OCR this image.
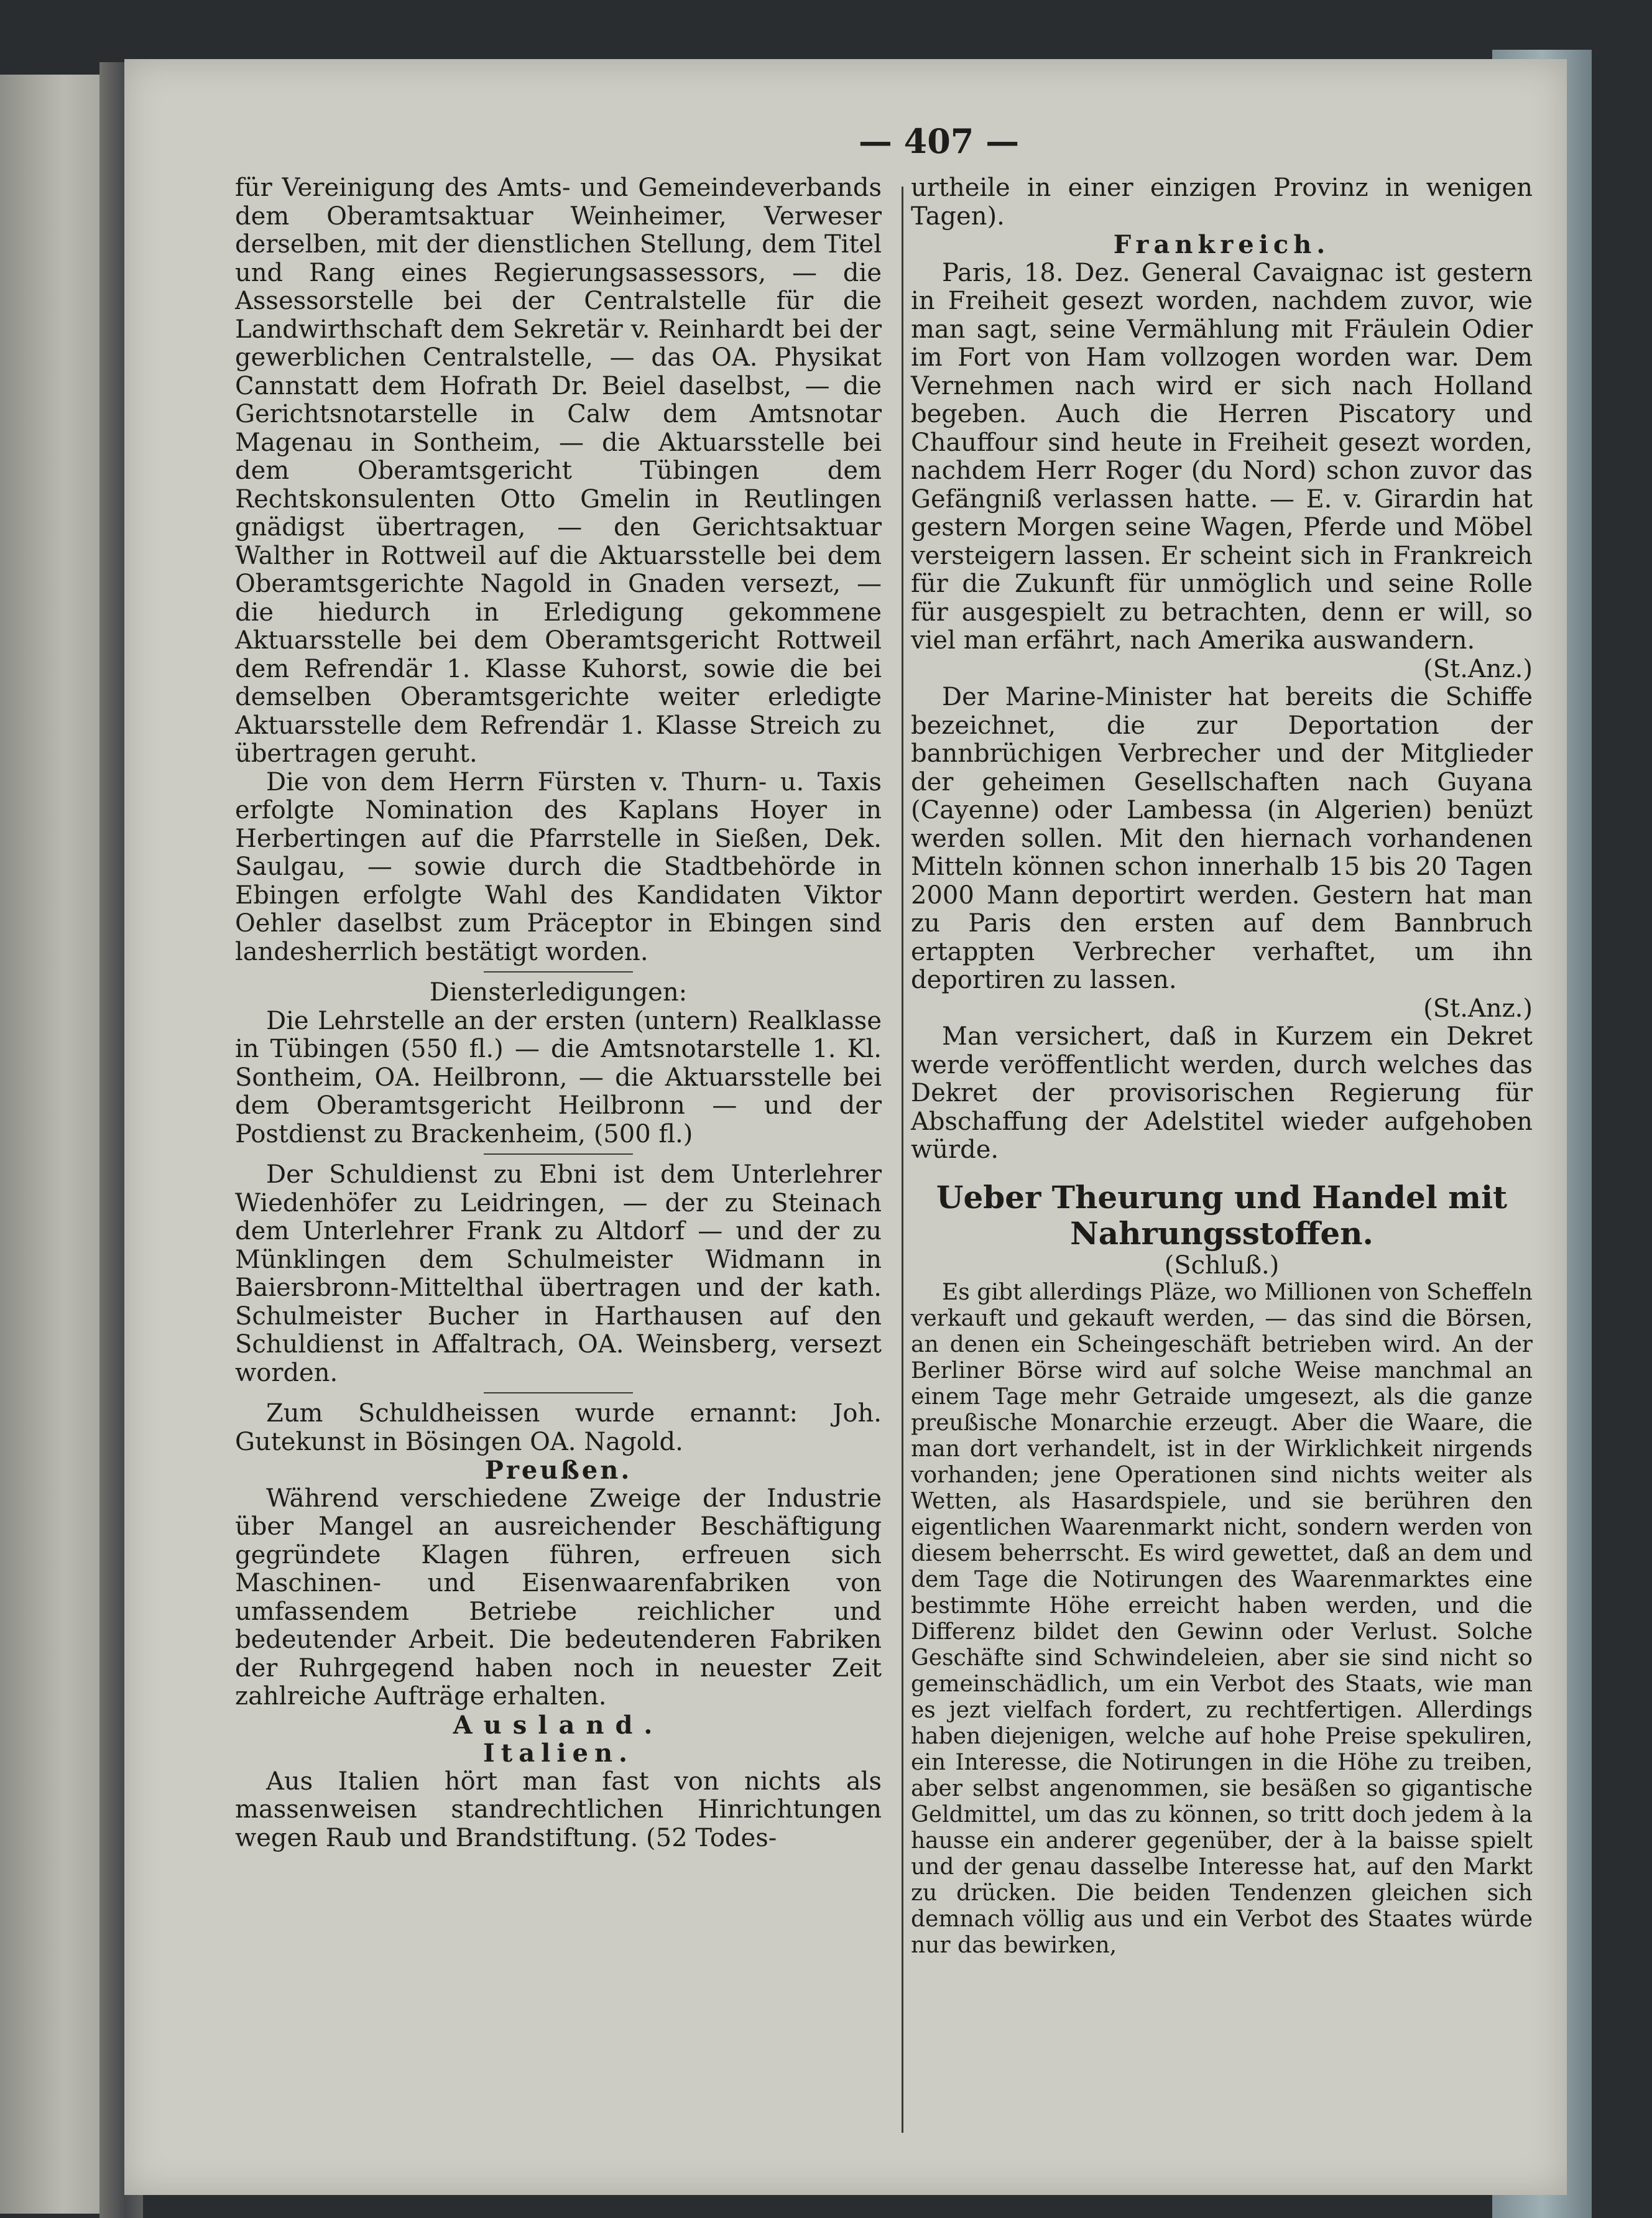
— 407 —

für Vereinigung des Amts- und Gemeindeverbands dem Oberamtsaktuar Weinheimer, Verweser derselben, mit der dienstlichen Stellung, dem Titel und Rang eines Regierungsassessors, — die Assessorstelle bei der Centralstelle für die Landwirthschaft dem Sekretär v. Reinhardt bei der gewerblichen Centralstelle, — das OA. Physikat Cannstatt dem Hofrath Dr. Beiel daselbst, — die Gerichtsnotarstelle in Calw dem Amtsnotar Magenau in Sontheim, — die Aktuarsstelle bei dem Oberamtsgericht Tübingen dem Rechtskonsulenten Otto Gmelin in Reutlingen gnädigst übertragen, — den Gerichtsaktuar Walther in Rottweil auf die Aktuarsstelle bei dem Oberamtsgerichte Nagold in Gnaden versezt, — die hiedurch in Erledigung gekommene Aktuarsstelle bei dem Oberamtsgericht Rottweil dem Refrendär 1. Klasse Kuhorst, sowie die bei demselben Oberamtsgerichte weiter erledigte Aktuarsstelle dem Refrendär 1. Klasse Streich zu übertragen geruht.

Die von dem Herrn Fürsten v. Thurn- u. Taxis erfolgte Nomination des Kaplans Hoyer in Herbertingen auf die Pfarrstelle in Sießen, Dek. Saulgau, — sowie durch die Stadtbehörde in Ebingen erfolgte Wahl des Kandidaten Viktor Oehler daselbst zum Präceptor in Ebingen sind landesherrlich bestätigt worden.

Diensterledigungen:

Die Lehrstelle an der ersten (untern) Realklasse in Tübingen (550 fl.) — die Amtsnotarstelle 1. Kl. Sontheim, OA. Heilbronn, — die Aktuarsstelle bei dem Oberamtsgericht Heilbronn — und der Postdienst zu Brackenheim, (500 fl.)

Der Schuldienst zu Ebni ist dem Unterlehrer Wiedenhöfer zu Leidringen, — der zu Steinach dem Unterlehrer Frank zu Altdorf — und der zu Münklingen dem Schulmeister Widmann in Baiersbronn-Mittelthal übertragen und der kath. Schulmeister Bucher in Harthausen auf den Schuldienst in Affaltrach, OA. Weinsberg, versezt worden.

Zum Schuldheissen wurde ernannt: Joh. Gutekunst in Bösingen OA. Nagold.

Preußen.

Während verschiedene Zweige der Industrie über Mangel an ausreichender Beschäftigung gegründete Klagen führen, erfreuen sich Maschinen- und Eisenwaarenfabriken von umfassendem Betriebe reichlicher und bedeutender Arbeit. Die bedeutenderen Fabriken der Ruhrgegend haben noch in neuester Zeit zahlreiche Aufträge erhalten.

Ausland.

Italien.

Aus Italien hört man fast von nichts als massenweisen standrechtlichen Hinrichtungen wegen Raub und Brandstiftung. (52 Todes-

urtheile in einer einzigen Provinz in wenigen Tagen).

Frankreich.

Paris, 18. Dez. General Cavaignac ist gestern in Freiheit gesezt worden, nachdem zuvor, wie man sagt, seine Vermählung mit Fräulein Odier im Fort von Ham vollzogen worden war. Dem Vernehmen nach wird er sich nach Holland begeben. Auch die Herren Piscatory und Chauffour sind heute in Freiheit gesezt worden, nachdem Herr Roger (du Nord) schon zuvor das Gefängniß verlassen hatte. — E. v. Girardin hat gestern Morgen seine Wagen, Pferde und Möbel versteigern lassen. Er scheint sich in Frankreich für die Zukunft für unmöglich und seine Rolle für ausgespielt zu betrachten, denn er will, so viel man erfährt, nach Amerika auswandern.

(St.Anz.)

Der Marine-Minister hat bereits die Schiffe bezeichnet, die zur Deportation der bannbrüchigen Verbrecher und der Mitglieder der geheimen Gesellschaften nach Guyana (Cayenne) oder Lambessa (in Algerien) benüzt werden sollen. Mit den hiernach vorhandenen Mitteln können schon innerhalb 15 bis 20 Tagen 2000 Mann deportirt werden. Gestern hat man zu Paris den ersten auf dem Bannbruch ertappten Verbrecher verhaftet, um ihn deportiren zu lassen.

(St.Anz.)

Man versichert, daß in Kurzem ein Dekret werde veröffentlicht werden, durch welches das Dekret der provisorischen Regierung für Abschaffung der Adelstitel wieder aufgehoben würde.

Ueber Theurung und Handel mit Nahrungsstoffen.

(Schluß.)

Es gibt allerdings Pläze, wo Millionen von Scheffeln verkauft und gekauft werden, — das sind die Börsen, an denen ein Scheingeschäft betrieben wird. An der Berliner Börse wird auf solche Weise manchmal an einem Tage mehr Getraide umgesezt, als die ganze preußische Monarchie erzeugt. Aber die Waare, die man dort verhandelt, ist in der Wirklichkeit nirgends vorhanden; jene Operationen sind nichts weiter als Wetten, als Hasardspiele, und sie berühren den eigentlichen Waarenmarkt nicht, sondern werden von diesem beherrscht. Es wird gewettet, daß an dem und dem Tage die Notirungen des Waarenmarktes eine bestimmte Höhe erreicht haben werden, und die Differenz bildet den Gewinn oder Verlust. Solche Geschäfte sind Schwindeleien, aber sie sind nicht so gemeinschädlich, um ein Verbot des Staats, wie man es jezt vielfach fordert, zu rechtfertigen. Allerdings haben diejenigen, welche auf hohe Preise spekuliren, ein Interesse, die Notirungen in die Höhe zu treiben, aber selbst angenommen, sie besäßen so gigantische Geldmittel, um das zu können, so tritt doch jedem à la hausse ein anderer gegenüber, der à la baisse spielt und der genau dasselbe Interesse hat, auf den Markt zu drücken. Die beiden Tendenzen gleichen sich demnach völlig aus und ein Verbot des Staates würde nur das bewirken,
